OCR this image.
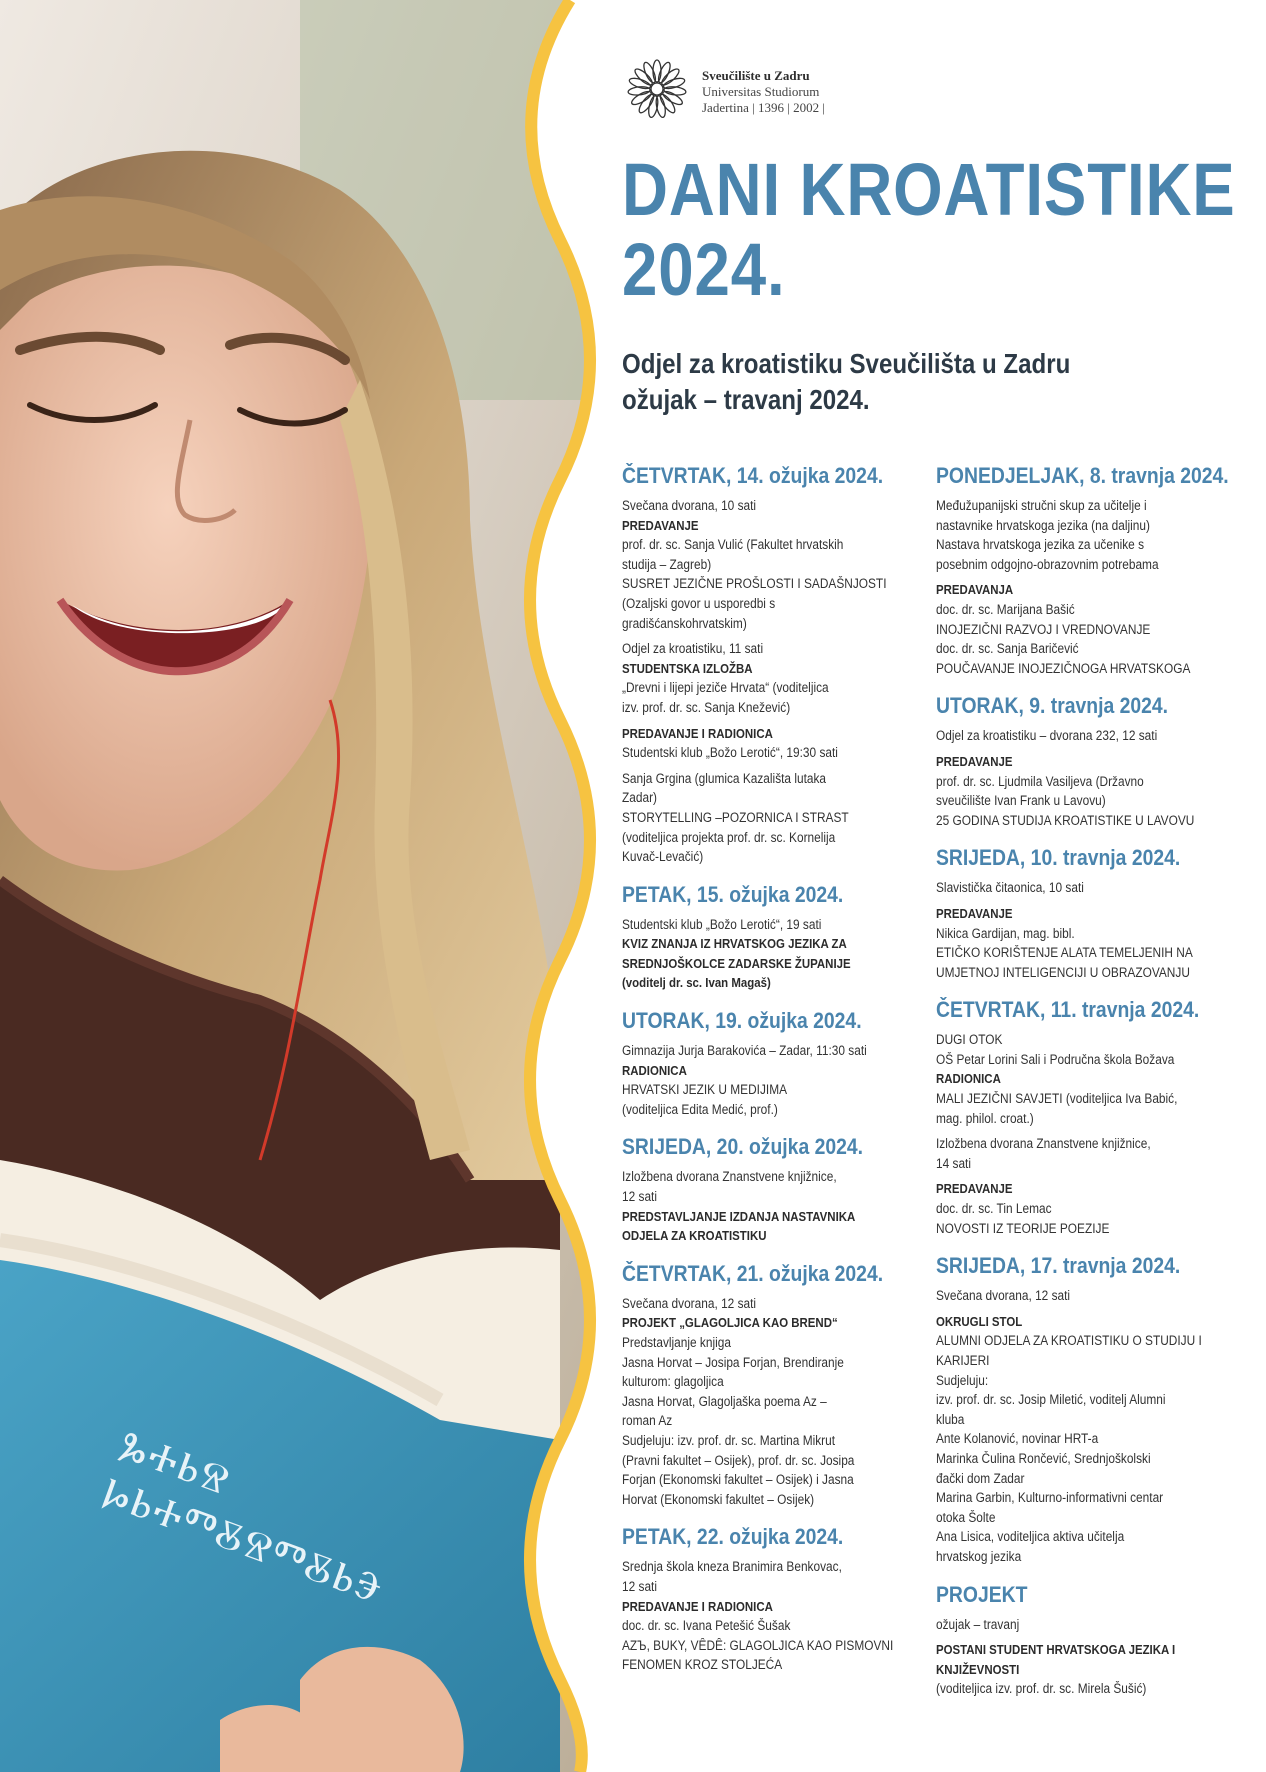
ⰃⰀⰓⰔ ⰘⰓⰀⰕⰋⰔⰕⰋⰓⰅ
Sveučilište u Zadru
Universitas Studiorum
Jadertina | 1396 | 2002 |
DANI KROATISTIKE
2024.
Odjel za kroatistiku Sveučilišta u Zadru
ožujak – travanj 2024.
ČETVRTAK, 14. ožujka 2024.
Svečana dvorana, 10 sati
PREDAVANJE
prof. dr. sc. Sanja Vulić (Fakultet hrvatskih
studija – Zagreb)
SUSRET JEZIČNE PROŠLOSTI I SADAŠNJOSTI
(Ozaljski govor u usporedbi s
gradišćanskohrvatskim)
Odjel za kroatistiku, 11 sati
STUDENTSKA IZLOŽBA
„Drevni i lijepi jeziče Hrvata“ (voditeljica
izv. prof. dr. sc. Sanja Knežević)
PREDAVANJE I RADIONICA
Studentski klub „Božo Lerotić“, 19:30 sati
Sanja Grgina (glumica Kazališta lutaka
Zadar)
STORYTELLING –POZORNICA I STRAST
(voditeljica projekta prof. dr. sc. Kornelija
Kuvač-Levačić)
PETAK, 15. ožujka 2024.
Studentski klub „Božo Lerotić“, 19 sati
KVIZ ZNANJA IZ HRVATSKOG JEZIKA ZA
SREDNJOŠKOLCE ZADARSKE ŽUPANIJE
(voditelj dr. sc. Ivan Magaš)
UTORAK, 19. ožujka 2024.
Gimnazija Jurja Barakovića – Zadar, 11:30 sati
RADIONICA
HRVATSKI JEZIK U MEDIJIMA
(voditeljica Edita Medić, prof.)
SRIJEDA, 20. ožujka 2024.
Izložbena dvorana Znanstvene knjižnice,
12 sati
PREDSTAVLJANJE IZDANJA NASTAVNIKA
ODJELA ZA KROATISTIKU
ČETVRTAK, 21. ožujka 2024.
Svečana dvorana, 12 sati
PROJEKT „GLAGOLJICA KAO BREND“
Predstavljanje knjiga
Jasna Horvat – Josipa Forjan, Brendiranje
kulturom: glagoljica
Jasna Horvat, Glagoljaška poema Az –
roman Az
Sudjeluju: izv. prof. dr. sc. Martina Mikrut
(Pravni fakultet – Osijek), prof. dr. sc. Josipa
Forjan (Ekonomski fakultet – Osijek) i Jasna
Horvat (Ekonomski fakultet – Osijek)
PETAK, 22. ožujka 2024.
Srednja škola kneza Branimira Benkovac,
12 sati
PREDAVANJE I RADIONICA
doc. dr. sc. Ivana Petešić Šušak
AZЪ, BUKY, VÊDÊ: GLAGOLJICA KAO PISMOVNI
FENOMEN KROZ STOLJEĆA
PONEDJELJAK, 8. travnja 2024.
Međužupanijski stručni skup za učitelje i
nastavnike hrvatskoga jezika (na daljinu)
Nastava hrvatskoga jezika za učenike s
posebnim odgojno-obrazovnim potrebama
PREDAVANJA
doc. dr. sc. Marijana Bašić
INOJEZIČNI RAZVOJ I VREDNOVANJE
doc. dr. sc. Sanja Baričević
POUČAVANJE INOJEZIČNOGA HRVATSKOGA
UTORAK, 9. travnja 2024.
Odjel za kroatistiku – dvorana 232, 12 sati
PREDAVANJE
prof. dr. sc. Ljudmila Vasiljeva (Državno
sveučilište Ivan Frank u Lavovu)
25 GODINA STUDIJA KROATISTIKE U LAVOVU
SRIJEDA, 10. travnja 2024.
Slavistička čitaonica, 10 sati
PREDAVANJE
Nikica Gardijan, mag. bibl.
ETIČKO KORIŠTENJE ALATA TEMELJENIH NA
UMJETNOJ INTELIGENCIJI U OBRAZOVANJU
ČETVRTAK, 11. travnja 2024.
DUGI OTOK
OŠ Petar Lorini Sali i Područna škola Božava
RADIONICA
MALI JEZIČNI SAVJETI (voditeljica Iva Babić,
mag. philol. croat.)
Izložbena dvorana Znanstvene knjižnice,
14 sati
PREDAVANJE
doc. dr. sc. Tin Lemac
NOVOSTI IZ TEORIJE POEZIJE
SRIJEDA, 17. travnja 2024.
Svečana dvorana, 12 sati
OKRUGLI STOL
ALUMNI ODJELA ZA KROATISTIKU O STUDIJU I
KARIJERI
Sudjeluju:
izv. prof. dr. sc. Josip Miletić, voditelj Alumni
kluba
Ante Kolanović, novinar HRT-a
Marinka Čulina Rončević, Srednjoškolski
đački dom Zadar
Marina Garbin, Kulturno-informativni centar
otoka Šolte
Ana Lisica, voditeljica aktiva učitelja
hrvatskog jezika
PROJEKT
ožujak – travanj
POSTANI STUDENT HRVATSKOGA JEZIKA I
KNJIŽEVNOSTI
(voditeljica izv. prof. dr. sc. Mirela Šušić)
